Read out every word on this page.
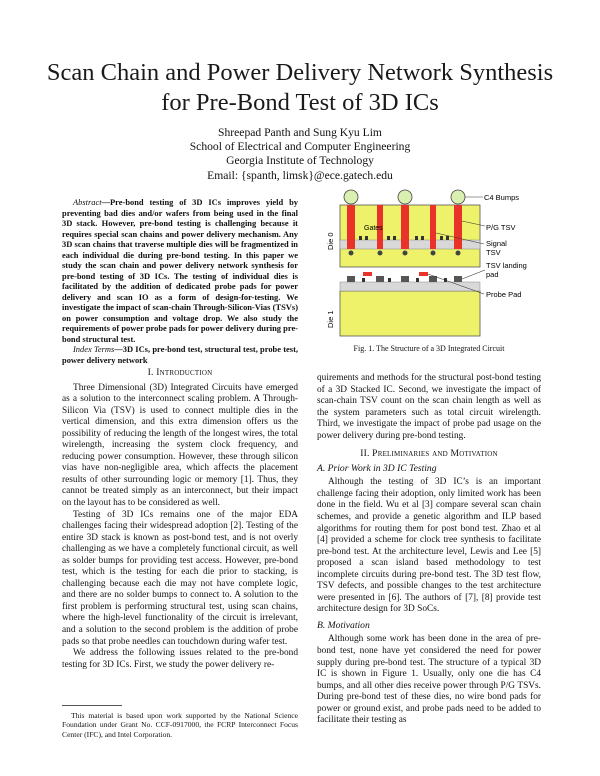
Scan Chain and Power Delivery Network Synthesis
for Pre-Bond Test of 3D ICs
Shreepad Panth and Sung Kyu Lim
School of Electrical and Computer Engineering
Georgia Institute of Technology
Email: {spanth, limsk}@ece.gatech.edu

Abstract—Pre-bond testing of 3D ICs improves yield by preventing bad dies and/or wafers from being used in the final 3D stack. However, pre-bond testing is challenging because it requires special scan chains and power delivery mechanism. Any 3D scan chains that traverse multiple dies will be fragmentized in each individual die during pre-bond testing. In this paper we study the scan chain and power delivery network synthesis for pre-bond testing of 3D ICs. The testing of individual dies is facilitated by the addition of dedicated probe pads for power delivery and scan IO as a form of design-for-testing. We investigate the impact of scan-chain Through-Silicon-Vias (TSVs) on power consumption and voltage drop. We also study the requirements of power probe pads for power delivery during pre-bond structural test.

Index Terms—3D ICs, pre-bond test, structural test, probe test, power delivery network

C4 Bumps
P/G TSV
Signal
TSV
TSV landing
pad
Probe Pad
Gates
Die 0
Die 1
Fig. 1. The Structure of a 3D Integrated Circuit
I. Introduction

Three Dimensional (3D) Integrated Circuits have emerged as a solution to the interconnect scaling problem. A Through-Silicon Via (TSV) is used to connect multiple dies in the vertical dimension, and this extra dimension offers us the possibility of reducing the length of the longest wires, the total wirelength, increasing the system clock frequency, and reducing power consumption. However, these through silicon vias have non-negligible area, which affects the placement results of other surrounding logic or memory [1]. Thus, they cannot be treated simply as an interconnect, but their impact on the layout has to be considered as well.

Testing of 3D ICs remains one of the major EDA challenges facing their widespread adoption [2]. Testing of the entire 3D stack is known as post-bond test, and is not overly challenging as we have a completely functional circuit, as well as solder bumps for providing test access. However, pre-bond test, which is the testing for each die prior to stacking, is challenging because each die may not have complete logic, and there are no solder bumps to connect to. A solution to the first problem is performing structural test, using scan chains, where the high-level functionality of the circuit is irrelevant, and a solution to the second problem is the addition of probe pads so that probe needles can touchdown during wafer test.

We address the following issues related to the pre-bond testing for 3D ICs. First, we study the power delivery re-

This material is based upon work supported by the National Science Foundation under Grant No. CCF-0917000, the FCRP Interconnect Focus Center (IFC), and Intel Corporation.

quirements and methods for the structural post-bond testing of a 3D Stacked IC. Second, we investigate the impact of scan-chain TSV count on the scan chain length as well as the system parameters such as total circuit wirelength. Third, we investigate the impact of probe pad usage on the power delivery during pre-bond testing.

II. Preliminaries and Motivation
A. Prior Work in 3D IC Testing

Although the testing of 3D IC’s is an important challenge facing their adoption, only limited work has been done in the field. Wu et al [3] compare several scan chain schemes, and provide a genetic algorithm and ILP based algorithms for routing them for post bond test. Zhao et al [4] provided a scheme for clock tree synthesis to facilitate pre-bond test. At the architecture level, Lewis and Lee [5] proposed a scan island based methodology to test incomplete circuits during pre-bond test. The 3D test flow, TSV defects, and possible changes to the test architecture were presented in [6]. The authors of [7], [8] provide test architecture design for 3D SoCs.

B. Motivation

Although some work has been done in the area of pre-bond test, none have yet considered the need for power supply during pre-bond test. The structure of a typical 3D IC is shown in Figure 1. Usually, only one die has C4 bumps, and all other dies receive power through P/G TSVs. During pre-bond test of these dies, no wire bond pads for power or ground exist, and probe pads need to be added to facilitate their testing as
